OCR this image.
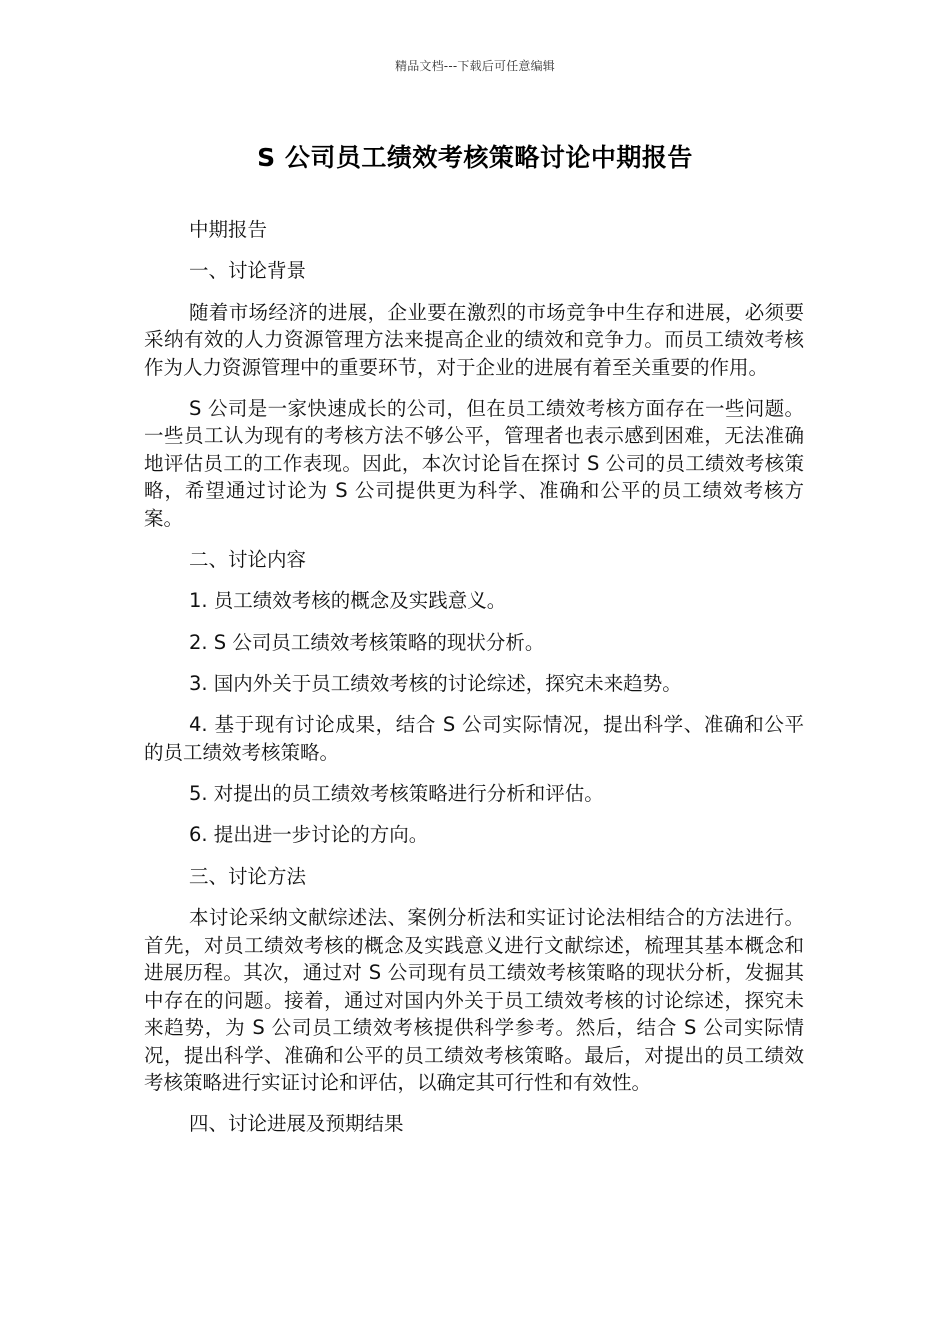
精品文档---下载后可任意编辑
S 公司员工绩效考核策略讨论中期报告

中期报告

一、讨论背景

随着市场经济的进展，企业要在激烈的市场竞争中生存和进展，必须要采纳有效的人力资源管理方法来提高企业的绩效和竞争力。而员工绩效考核作为人力资源管理中的重要环节，对于企业的进展有着至关重要的作用。

S 公司是一家快速成长的公司，但在员工绩效考核方面存在一些问题。一些员工认为现有的考核方法不够公平，管理者也表示感到困难，无法准确地评估员工的工作表现。因此，本次讨论旨在探讨 S 公司的员工绩效考核策略，希望通过讨论为 S 公司提供更为科学、准确和公平的员工绩效考核方案。

二、讨论内容

1. 员工绩效考核的概念及实践意义。

2. S 公司员工绩效考核策略的现状分析。

3. 国内外关于员工绩效考核的讨论综述，探究未来趋势。

4. 基于现有讨论成果，结合 S 公司实际情况，提出科学、准确和公平的员工绩效考核策略。

5. 对提出的员工绩效考核策略进行分析和评估。

6. 提出进一步讨论的方向。

三、讨论方法

本讨论采纳文献综述法、案例分析法和实证讨论法相结合的方法进行。首先，对员工绩效考核的概念及实践意义进行文献综述，梳理其基本概念和进展历程。其次，通过对 S 公司现有员工绩效考核策略的现状分析，发掘其中存在的问题。接着，通过对国内外关于员工绩效考核的讨论综述，探究未来趋势，为 S 公司员工绩效考核提供科学参考。然后，结合 S 公司实际情况，提出科学、准确和公平的员工绩效考核策略。最后，对提出的员工绩效考核策略进行实证讨论和评估，以确定其可行性和有效性。

四、讨论进展及预期结果
